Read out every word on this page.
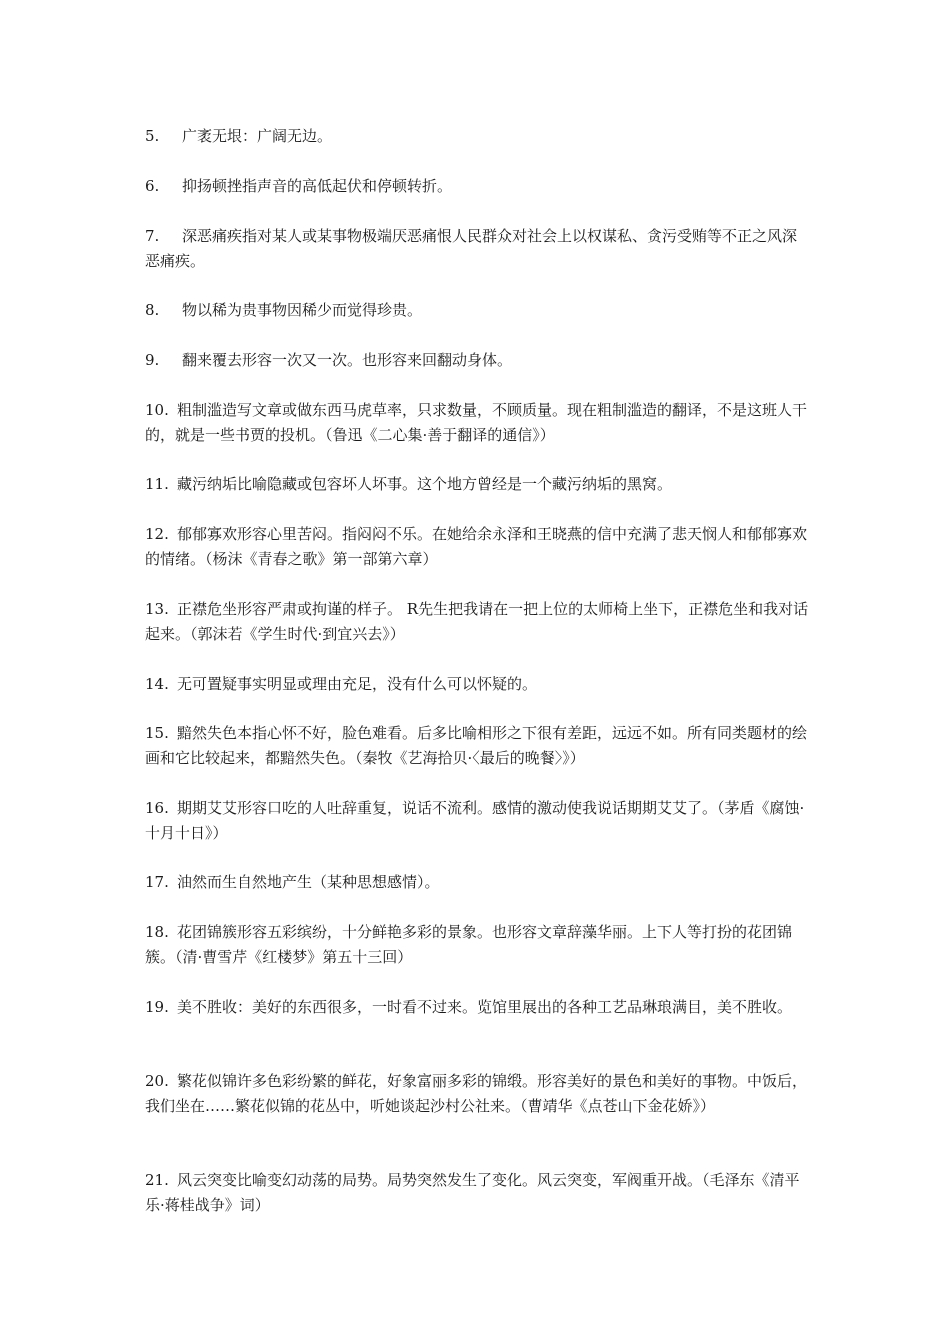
5. 广袤无垠：广阔无边。

6. 抑扬顿挫指声音的高低起伏和停顿转折。

7. 深恶痛疾指对某人或某事物极端厌恶痛恨人民群众对社会上以权谋私、贪污受贿等不正之风深恶痛疾。

8. 物以稀为贵事物因稀少而觉得珍贵。

9. 翻来覆去形容一次又一次。也形容来回翻动身体。

10. 粗制滥造写文章或做东西马虎草率，只求数量，不顾质量。现在粗制滥造的翻译，不是这班人干的，就是一些书贾的投机。（鲁迅《二心集·善于翻译的通信》）

11. 藏污纳垢比喻隐藏或包容坏人坏事。这个地方曾经是一个藏污纳垢的黑窝。

12. 郁郁寡欢形容心里苦闷。指闷闷不乐。在她给余永泽和王晓燕的信中充满了悲天悯人和郁郁寡欢的情绪。（杨沫《青春之歌》第一部第六章）

13. 正襟危坐形容严肃或拘谨的样子。 R先生把我请在一把上位的太师椅上坐下，正襟危坐和我对话起来。（郭沫若《学生时代·到宜兴去》）

14. 无可置疑事实明显或理由充足，没有什么可以怀疑的。

15. 黯然失色本指心怀不好，脸色难看。后多比喻相形之下很有差距，远远不如。所有同类题材的绘画和它比较起来，都黯然失色。（秦牧《艺海拾贝·〈最后的晚餐〉》）

16. 期期艾艾形容口吃的人吐辞重复，说话不流利。感情的激动使我说话期期艾艾了。（茅盾《腐蚀·十月十日》）

17. 油然而生自然地产生（某种思想感情）。

18. 花团锦簇形容五彩缤纷，十分鲜艳多彩的景象。也形容文章辞藻华丽。上下人等打扮的花团锦簇。（清·曹雪芹《红楼梦》第五十三回）

19. 美不胜收：美好的东西很多，一时看不过来。览馆里展出的各种工艺品琳琅满目，美不胜收。

20. 繁花似锦许多色彩纷繁的鲜花，好象富丽多彩的锦缎。形容美好的景色和美好的事物。中饭后，我们坐在……繁花似锦的花丛中，听她谈起沙村公社来。（曹靖华《点苍山下金花娇》）

21. 风云突变比喻变幻动荡的局势。局势突然发生了变化。风云突变，军阀重开战。（毛泽东《清平乐·蒋桂战争》词）
